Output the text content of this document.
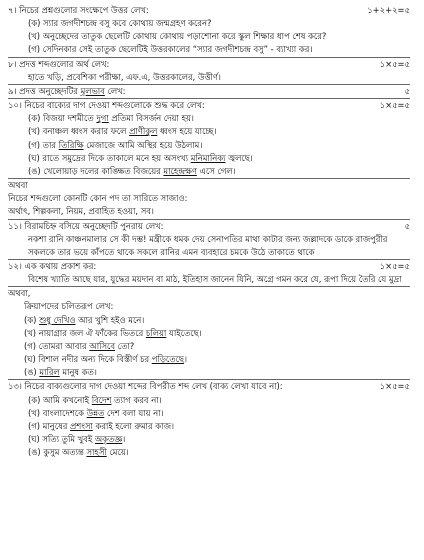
৭। নিচের প্রশ্নগুলোর সংক্ষেপে উত্তর লেখ:	১+২+২=৫
(ক) স্যার জগদীশচন্দ্র বসু কবে কোথায় জন্মগ্রহণ করেন?
(খ) অনুচ্ছেদের তাতুক ছেলেটি কোথায় কোথায় পড়াশোনা করে স্কুল শিক্ষার ধাপ শেষ করে?
(গ) সেদিনকার সেই তাতুক ছেলেটিই উত্তরকালের “স্যার জগদীশচন্দ্র বসু” - ব্যাখ্যা কর।
৮। প্রদত্ত শব্দগুলোর অর্থ লেখ:	১×৫=৫
হাতে খড়ি, প্রবেশিকা পরীক্ষা, এফ.এ, উত্তরকালের, উত্তীর্ণ।
৯। প্রদত্ত অনুচ্ছেদটির মূলভাব লেখ:	৫
১০। নিচের বাক্যের দাগ দেওয়া শব্দগুলোকে শুদ্ধ করে লেখ:	১×৫=৫
(ক) বিজয়া দশমীতে দুগা প্রতিমা বিসর্জন দেয়া হয়।
(খ) বনাঞ্চল ধ্বংস করার ফলে প্রাণীকুল ধ্বংস হয়ে যাচ্ছে।
(গ) তার তিরিক্ষি মেজাজে আমি অস্থির হয়ে উঠলাম।
(ঘ) রাতে সমুদ্রের দিকে তাকালে মনে হয় অসংখ্য মনিমানিক্য জ্বলছে।
(ঙ) খেলোয়াড় দলের কাঙ্ক্ষিত বিজয়ের মাহেন্দ্রক্ষণ এসে গেল।
অথবা
নিচের শব্দগুলো কোনটি কোন পদ তা সারিতে সাজাও:
অর্থাৎ, শিল্পকলা, নিয়ম, প্রবাহিত হওয়া, সব।
১১। বিরামচিহ্ন বসিয়ে অনুচ্ছেদটি পুনরায় লেখ:	৫
নকশা রানি কাঞ্চনমালার সে কী দম্ভ! মন্ত্রীকে ধমক দেয় সেনাপতির মাথা কাটার জন্য জল্লাদকে ডাকে রাজপুরীর সকলকে তার ভয়ে কাঁপতে থাকে সকলে রানির এমন ব্যবহারে চমকে উঠে তাকাতে থাকে
১২। এক কথায় প্রকাশ কর:	১×৫=৫
বিশেষ খ্যাতি আছে যার, যুদ্ধের ময়দান বা মাঠ, ইতিহাস জানেন যিনি, অগ্রে গমন করে যে, রূপা দিয়ে তৈরি যে মুদ্রা
অথবা,
ক্রিয়াপদের চলিতরূপ লেখ:
(ক) শুধু দেখিও আর খুশি হইও মনে।
(খ) নায়াগ্রার জল ঐ ফাঁকের ভিতরে চলিয়া যাইতেছে।
(গ) তোমরা আবার আসিবে তো?
(ঘ) বিশাল নদীর অন্য দিকে বিস্তীর্ণ চর পড়িতেছে।
(ঙ) মারিল মানুষ কত।
১৩। নিচের বাক্যগুলোর দাগ দেওয়া শব্দের বিপরীত শব্দ লেখ (বাক্য লেখা যাবে না):	১×৫=৫
(ক) আমি কখনোই বিদেশ ত্যাগ করব না।
(খ) বাংলাদেশকে উন্নত দেশ বলা যায় না।
(গ) মানুষের প্রশংসা করাই হলো রুমার কাজ।
(ঘ) সত্যি তুমি খুবই অকৃতজ্ঞ।
(ঙ) কুসুম অত্যন্ত সাহসী মেয়ে।
